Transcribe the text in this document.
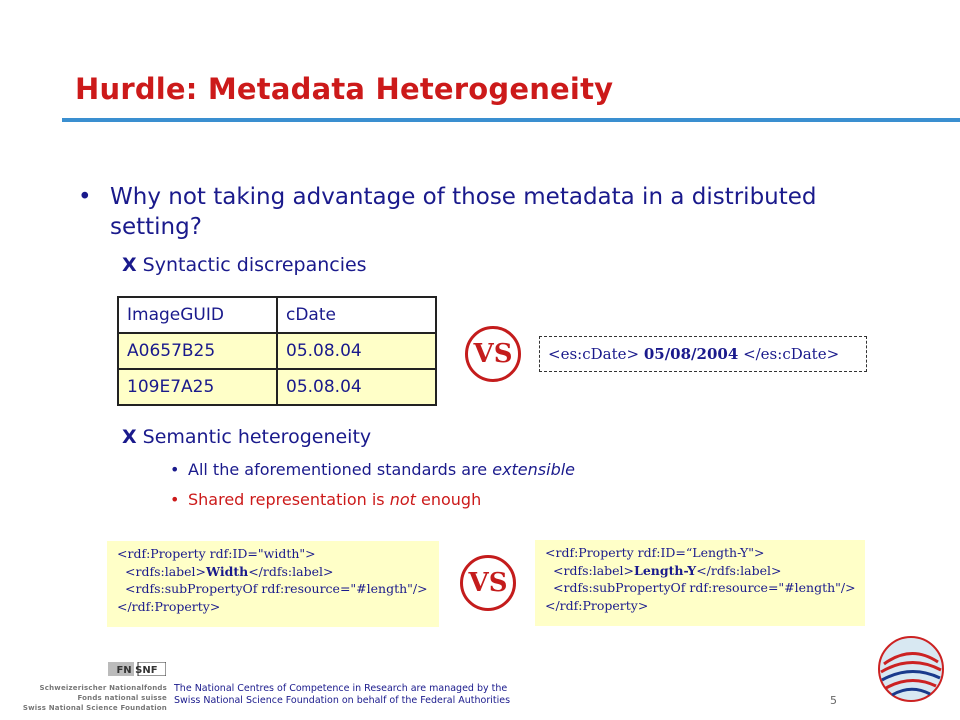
Hurdle: Metadata Heterogeneity
• Why not taking advantage of those metadata in a distributed setting?
X Syntactic discrepancies
ImageGUID	cDate
A0657B25	05.08.04
109E7A25	05.08.04
VS	<es:cDate> 05/08/2004 </es:cDate>
X Semantic heterogeneity
• All the aforementioned standards are extensible
• Shared representation is not enough
<rdf:Property rdf:ID="width">
<rdfs:label>Width</rdfs:label>
<rdfs:subPropertyOf rdf:resource="#length"/>
</rdf:Property>
VS
<rdf:Property rdf:ID=“Length-Y">
<rdfs:label>Length-Y</rdfs:label>
<rdfs:subPropertyOf rdf:resource="#length"/>
</rdf:Property>
FN SNF
Schweizerischer Nationalfonds
Fonds national suisse
Swiss National Science Foundation
The National Centres of Competence in Research are managed by the
Swiss National Science Foundation on behalf of the Federal Authorities	5
